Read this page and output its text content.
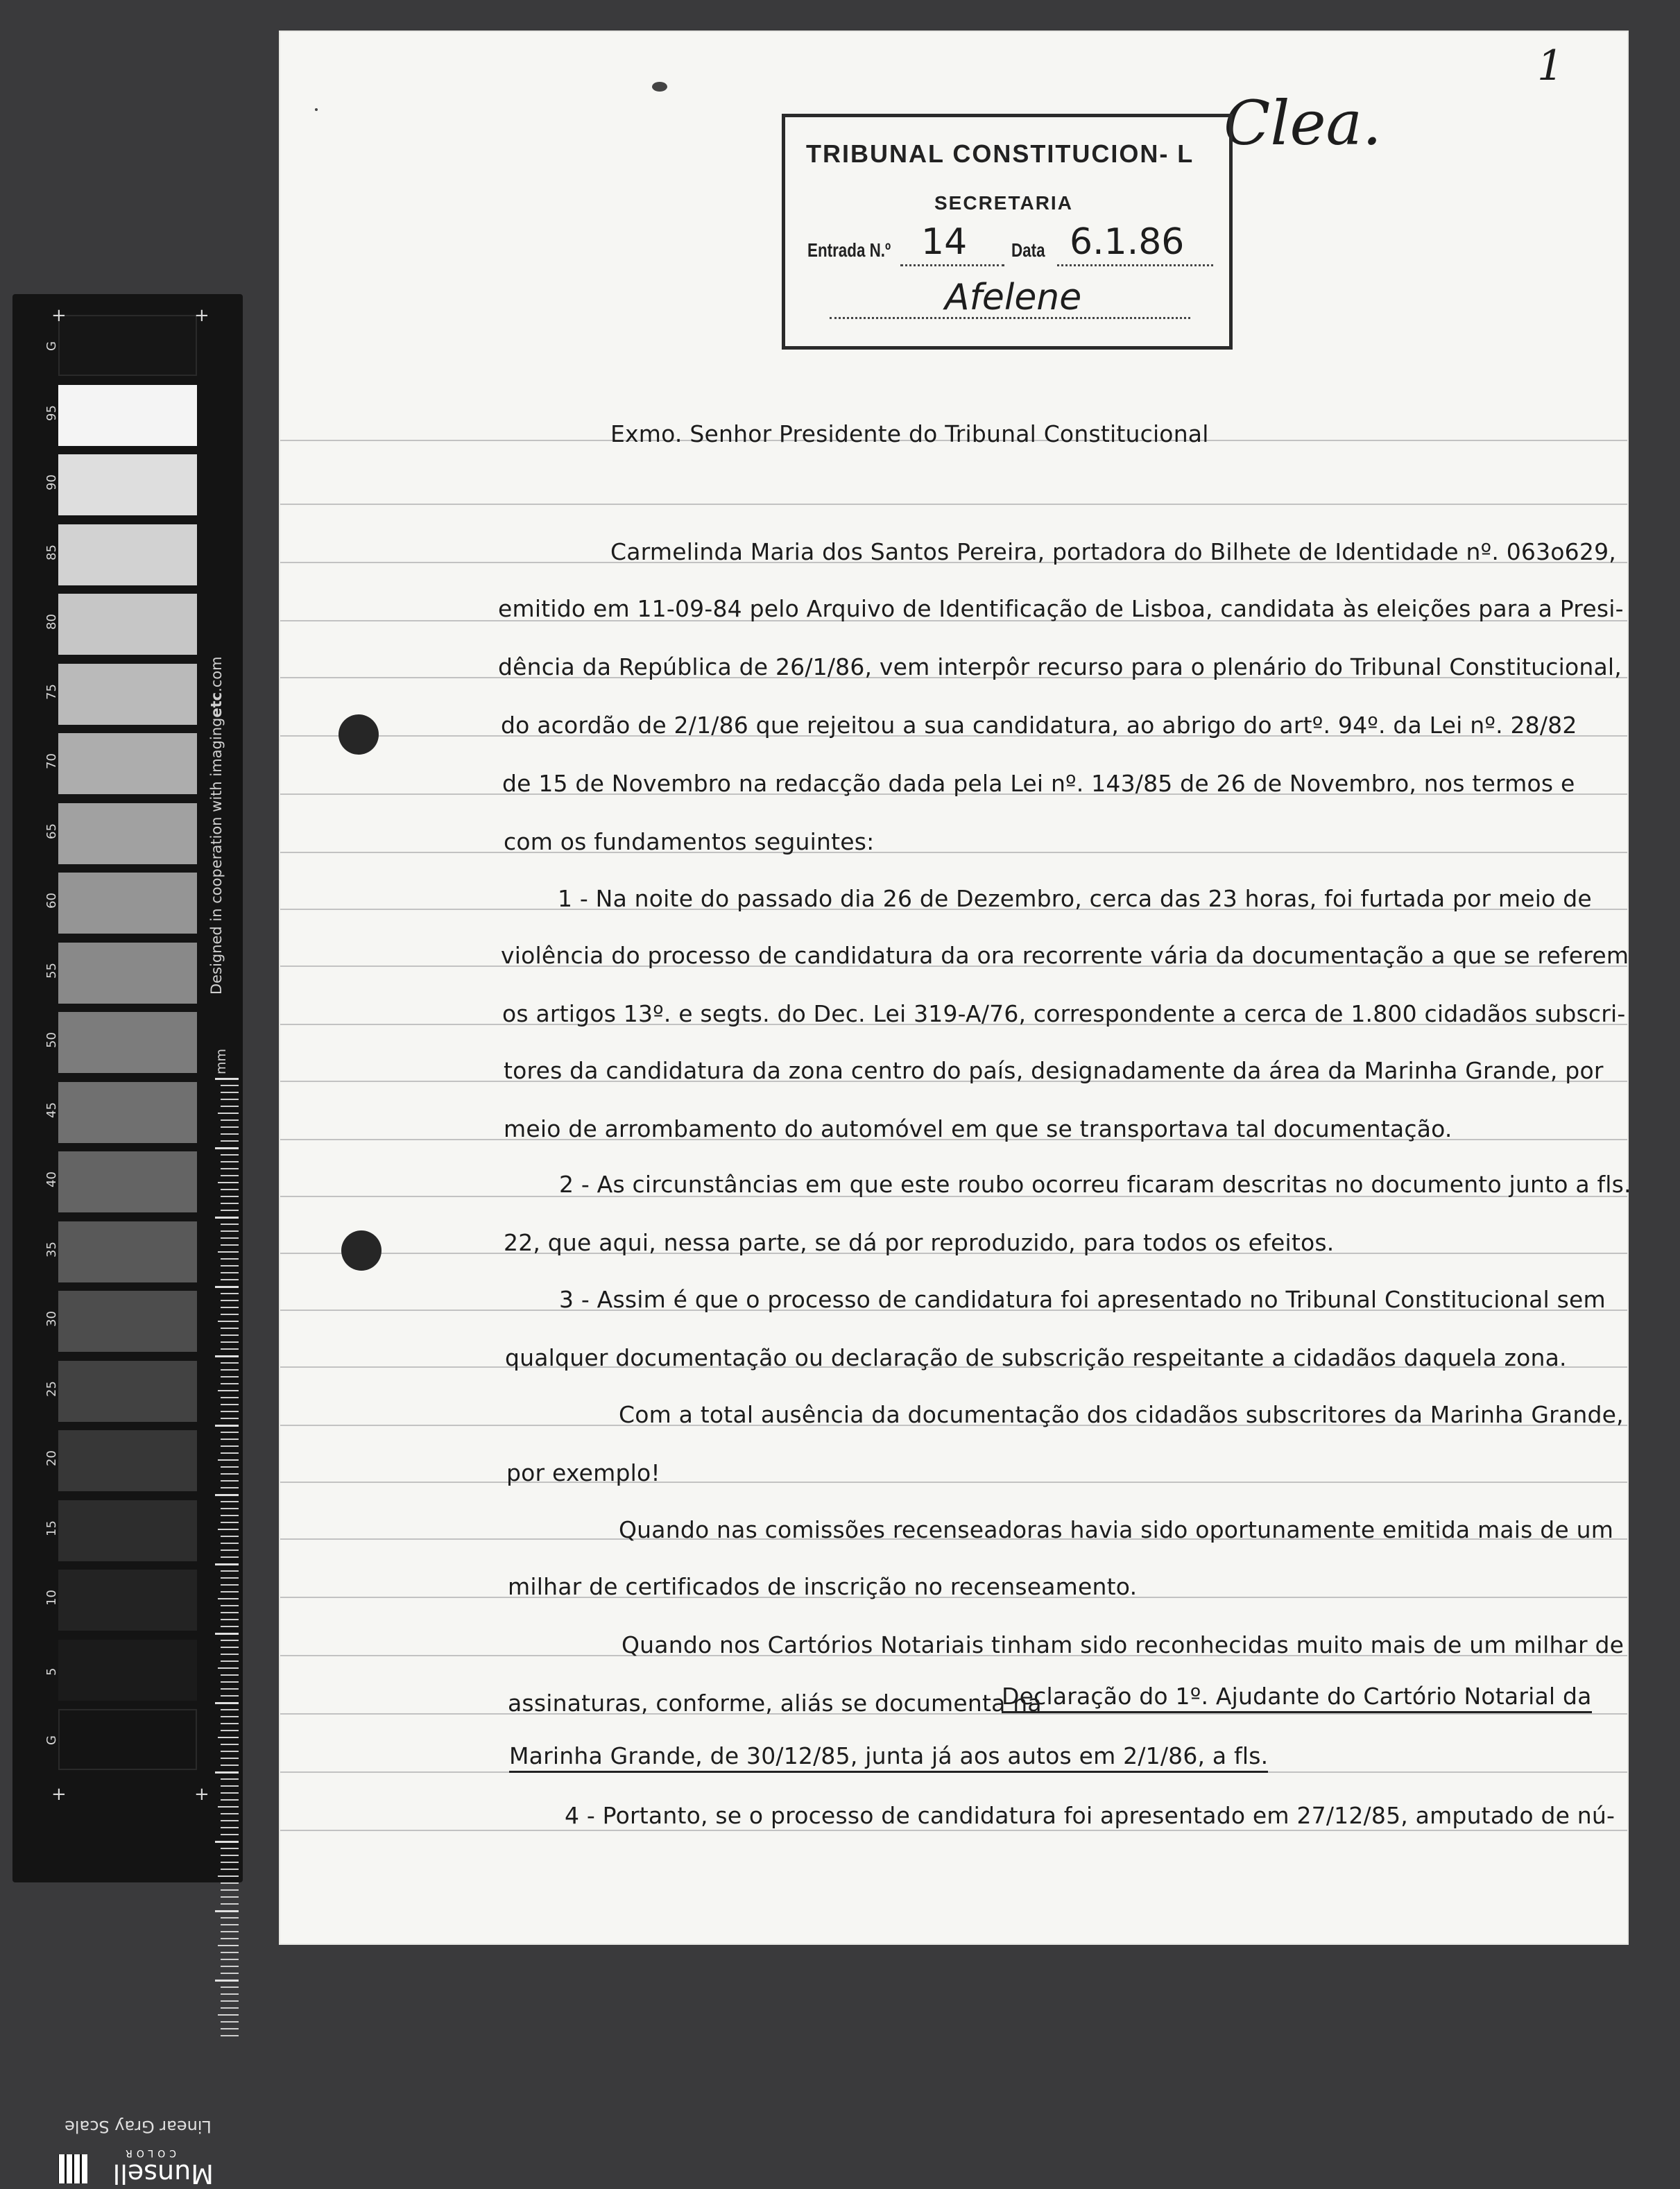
G
95
90
85
80
75
70
65
60
55
50
45
40
35
30
25
20
15
10
5
G
+	+
+	+
Designed in cooperation with imagingetc.com
mm
Linear Gray Scale
Munsell
COLOR
1
Clea.
TRIBUNAL CONSTITUCION- L
SECRETARIA
Entrada N.º 14 Data 6.1.86
Afelene
Exmo. Senhor Presidente do Tribunal Constitucional
Carmelinda Maria dos Santos Pereira, portadora do Bilhete de Identidade nº. 063o629,
emitido em 11-09-84 pelo Arquivo de Identificação de Lisboa, candidata às eleições para a Presi-
dência da República de 26/1/86, vem interpôr recurso para o plenário do Tribunal Constitucional,
do acordão de 2/1/86 que rejeitou a sua candidatura, ao abrigo do artº. 94º. da Lei nº. 28/82
de 15 de Novembro na redacção dada pela Lei nº. 143/85 de 26 de Novembro, nos termos e
com os fundamentos seguintes:
1 - Na noite do passado dia 26 de Dezembro, cerca das 23 horas, foi furtada por meio de
violência do processo de candidatura da ora recorrente vária da documentação a que se referem
os artigos 13º. e segts. do Dec. Lei 319-A/76, correspondente a cerca de 1.800 cidadãos subscri-
tores da candidatura da zona centro do país, designadamente da área da Marinha Grande, por
meio de arrombamento do automóvel em que se transportava tal documentação.
2 - As circunstâncias em que este roubo ocorreu ficaram descritas no documento junto a fls.
22, que aqui, nessa parte, se dá por reproduzido, para todos os efeitos.
3 - Assim é que o processo de candidatura foi apresentado no Tribunal Constitucional sem
qualquer documentação ou declaração de subscrição respeitante a cidadãos daquela zona.
Com a total ausência da documentação dos cidadãos subscritores da Marinha Grande,
por exemplo!
Quando nas comissões recenseadoras havia sido oportunamente emitida mais de um
milhar de certificados de inscrição no recenseamento.
Quando nos Cartórios Notariais tinham sido reconhecidas muito mais de um milhar de
assinaturas, conforme, aliás se documenta na
Declaração do 1º. Ajudante do Cartório Notarial da
Marinha Grande, de 30/12/85, junta já aos autos em 2/1/86, a fls.
4 - Portanto, se o processo de candidatura foi apresentado em 27/12/85, amputado de nú-
